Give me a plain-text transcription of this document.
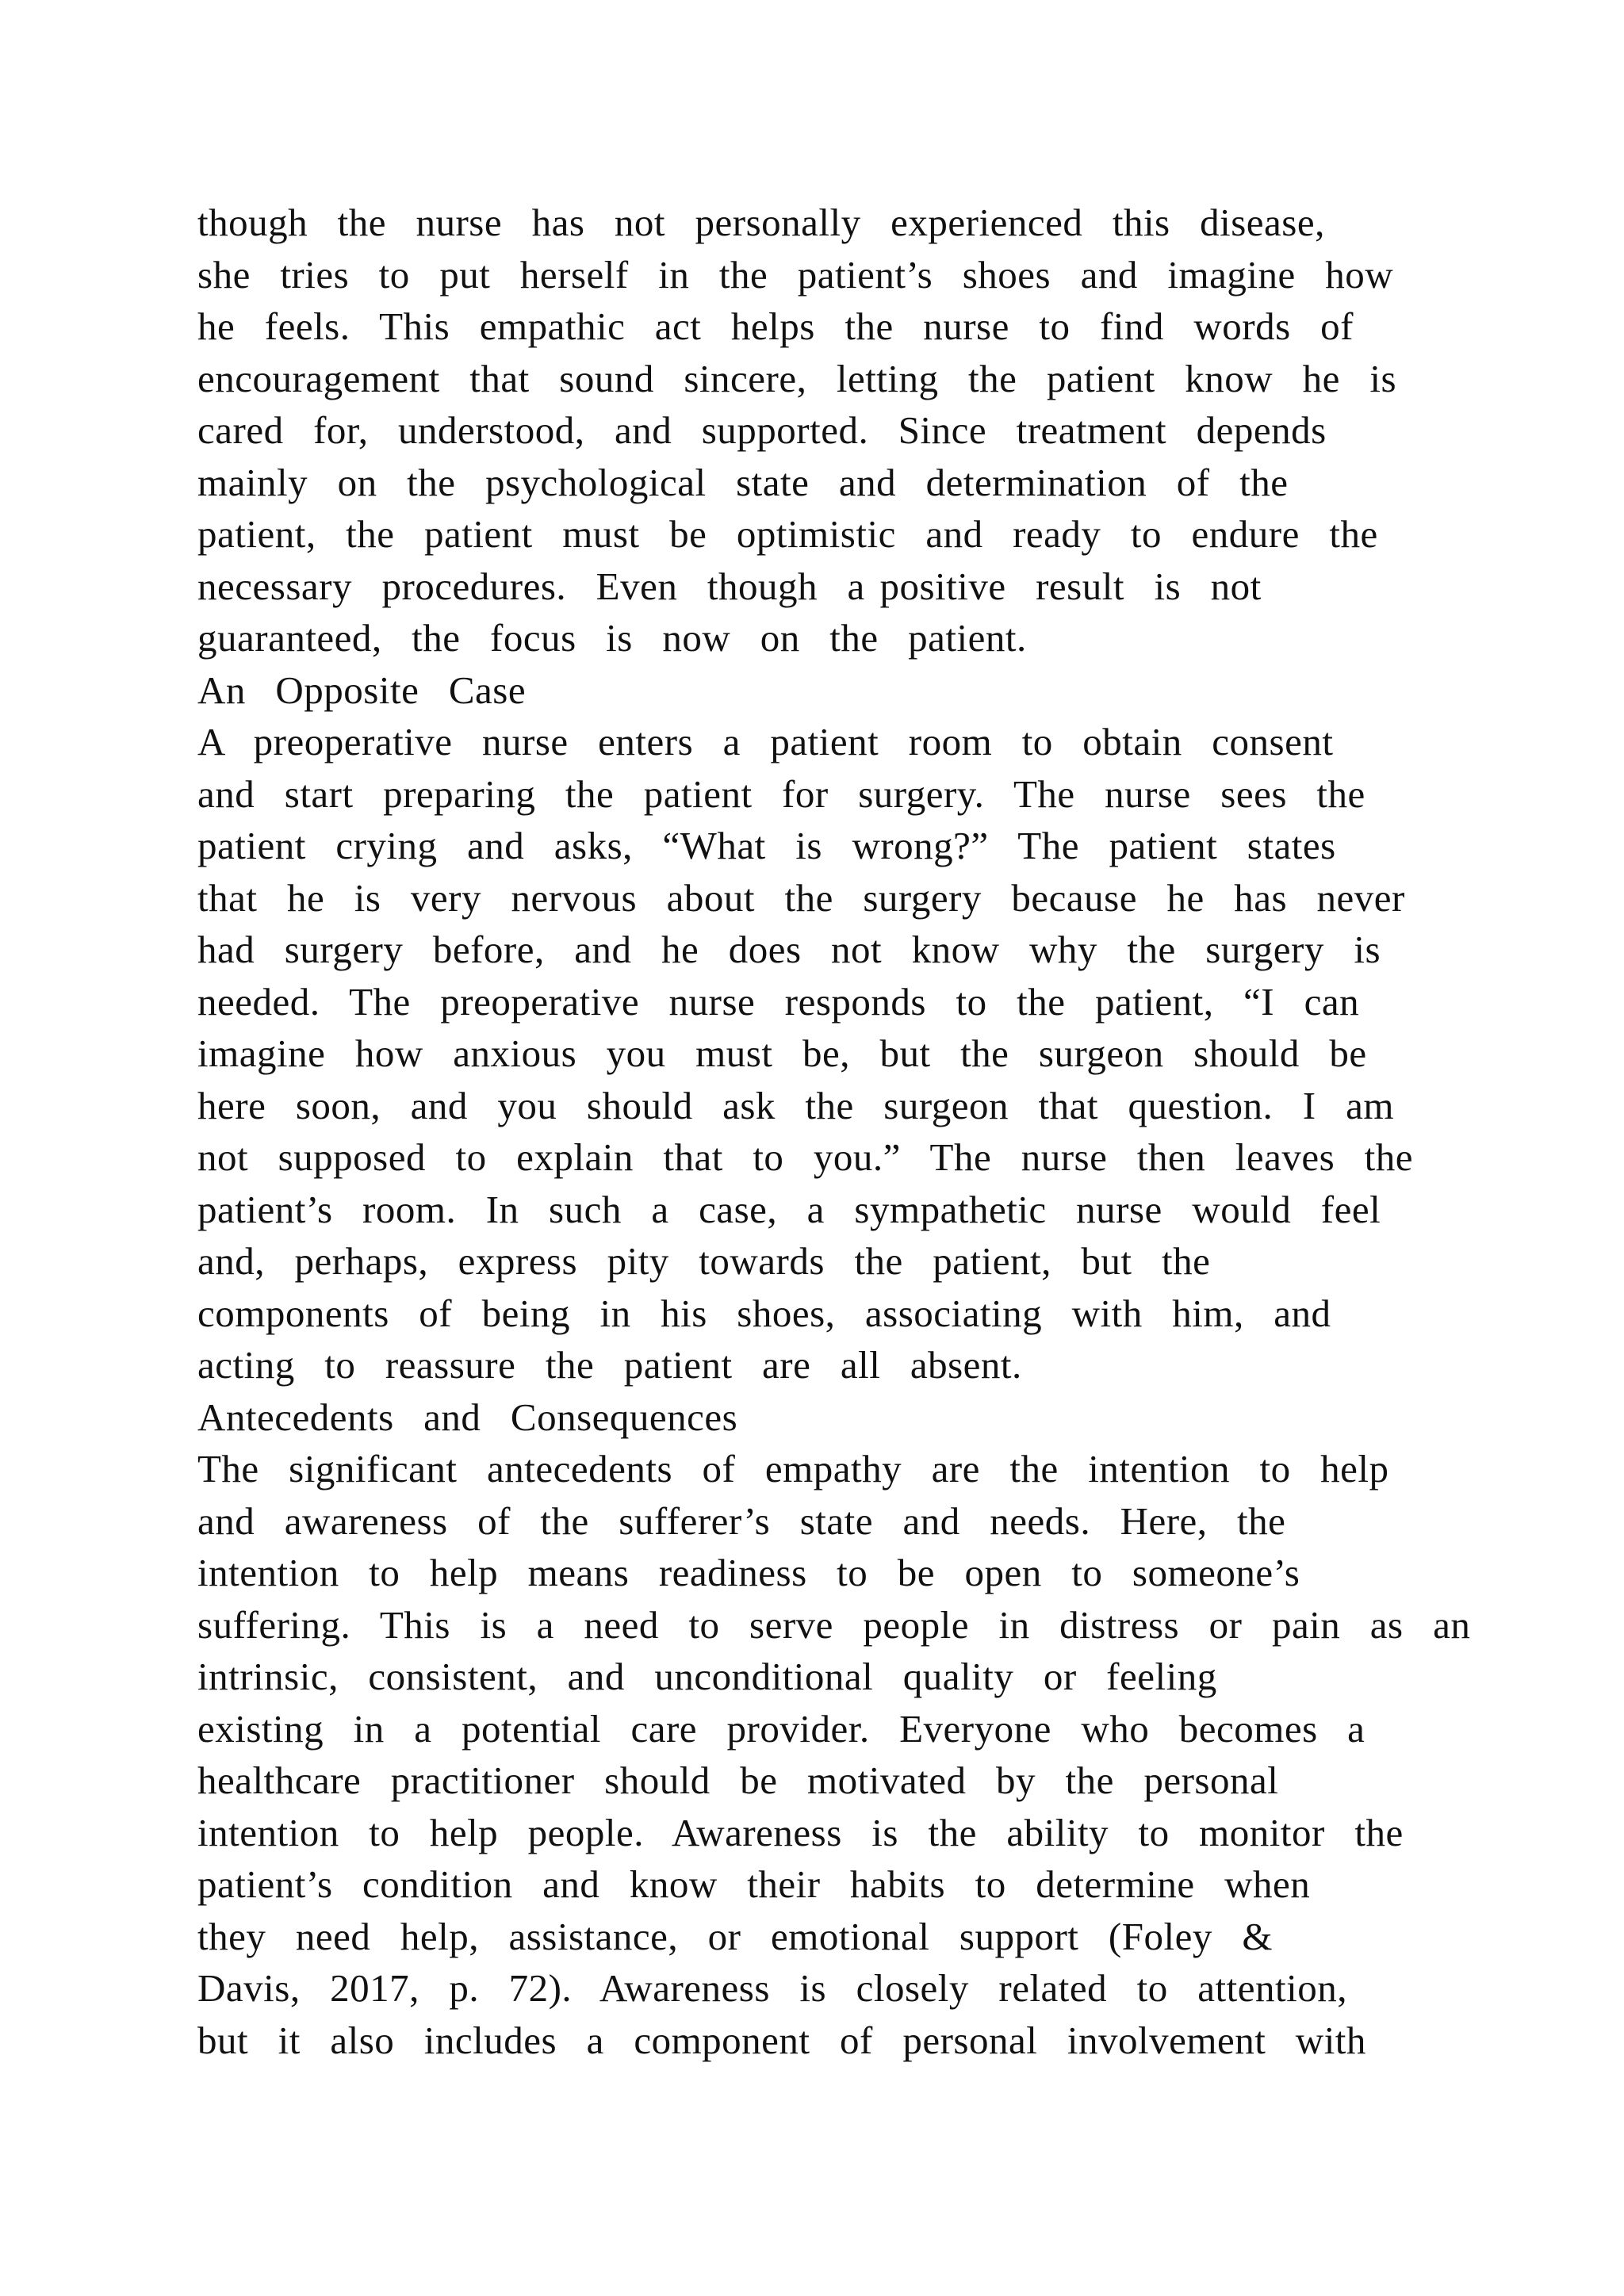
though  the  nurse  has  not  personally  experienced  this  disease,
she  tries  to  put  herself  in  the  patient’s  shoes  and  imagine  how
he  feels.  This  empathic  act  helps  the  nurse  to  find  words  of
encouragement  that  sound  sincere,  letting  the  patient  know  he  is
cared  for,  understood,  and  supported.  Since  treatment  depends
mainly  on  the  psychological  state  and  determination  of  the
patient,  the  patient  must  be  optimistic  and  ready  to  endure  the
necessary  procedures.  Even  though  a positive  result  is  not
guaranteed,  the  focus  is  now  on  the  patient.
An  Opposite  Case
A  preoperative  nurse  enters  a  patient  room  to  obtain  consent
and  start  preparing  the  patient  for  surgery.  The  nurse  sees  the
patient  crying  and  asks,  “What  is  wrong?”  The  patient  states
that  he  is  very  nervous  about  the  surgery  because  he  has  never
had  surgery  before,  and  he  does  not  know  why  the  surgery  is
needed.  The  preoperative  nurse  responds  to  the  patient,  “I  can
imagine  how  anxious  you  must  be,  but  the  surgeon  should  be
here  soon,  and  you  should  ask  the  surgeon  that  question.  I  am
not  supposed  to  explain  that  to  you.”  The  nurse  then  leaves  the
patient’s  room.  In  such  a  case,  a  sympathetic  nurse  would  feel
and,  perhaps,  express  pity  towards  the  patient,  but  the
components  of  being  in  his  shoes,  associating  with  him,  and
acting  to  reassure  the  patient  are  all  absent.
Antecedents  and  Consequences
The  significant  antecedents  of  empathy  are  the  intention  to  help
and  awareness  of  the  sufferer’s  state  and  needs.  Here,  the
intention  to  help  means  readiness  to  be  open  to  someone’s
suffering.  This  is  a  need  to  serve  people  in  distress  or  pain  as  an
intrinsic,  consistent,  and  unconditional  quality  or  feeling
existing  in  a  potential  care  provider.  Everyone  who  becomes  a
healthcare  practitioner  should  be  motivated  by  the  personal
intention  to  help  people.  Awareness  is  the  ability  to  monitor  the
patient’s  condition  and  know  their  habits  to  determine  when
they  need  help,  assistance,  or  emotional  support  (Foley  &
Davis,  2017,  p.  72).  Awareness  is  closely  related  to  attention,
but  it  also  includes  a  component  of  personal  involvement  with
